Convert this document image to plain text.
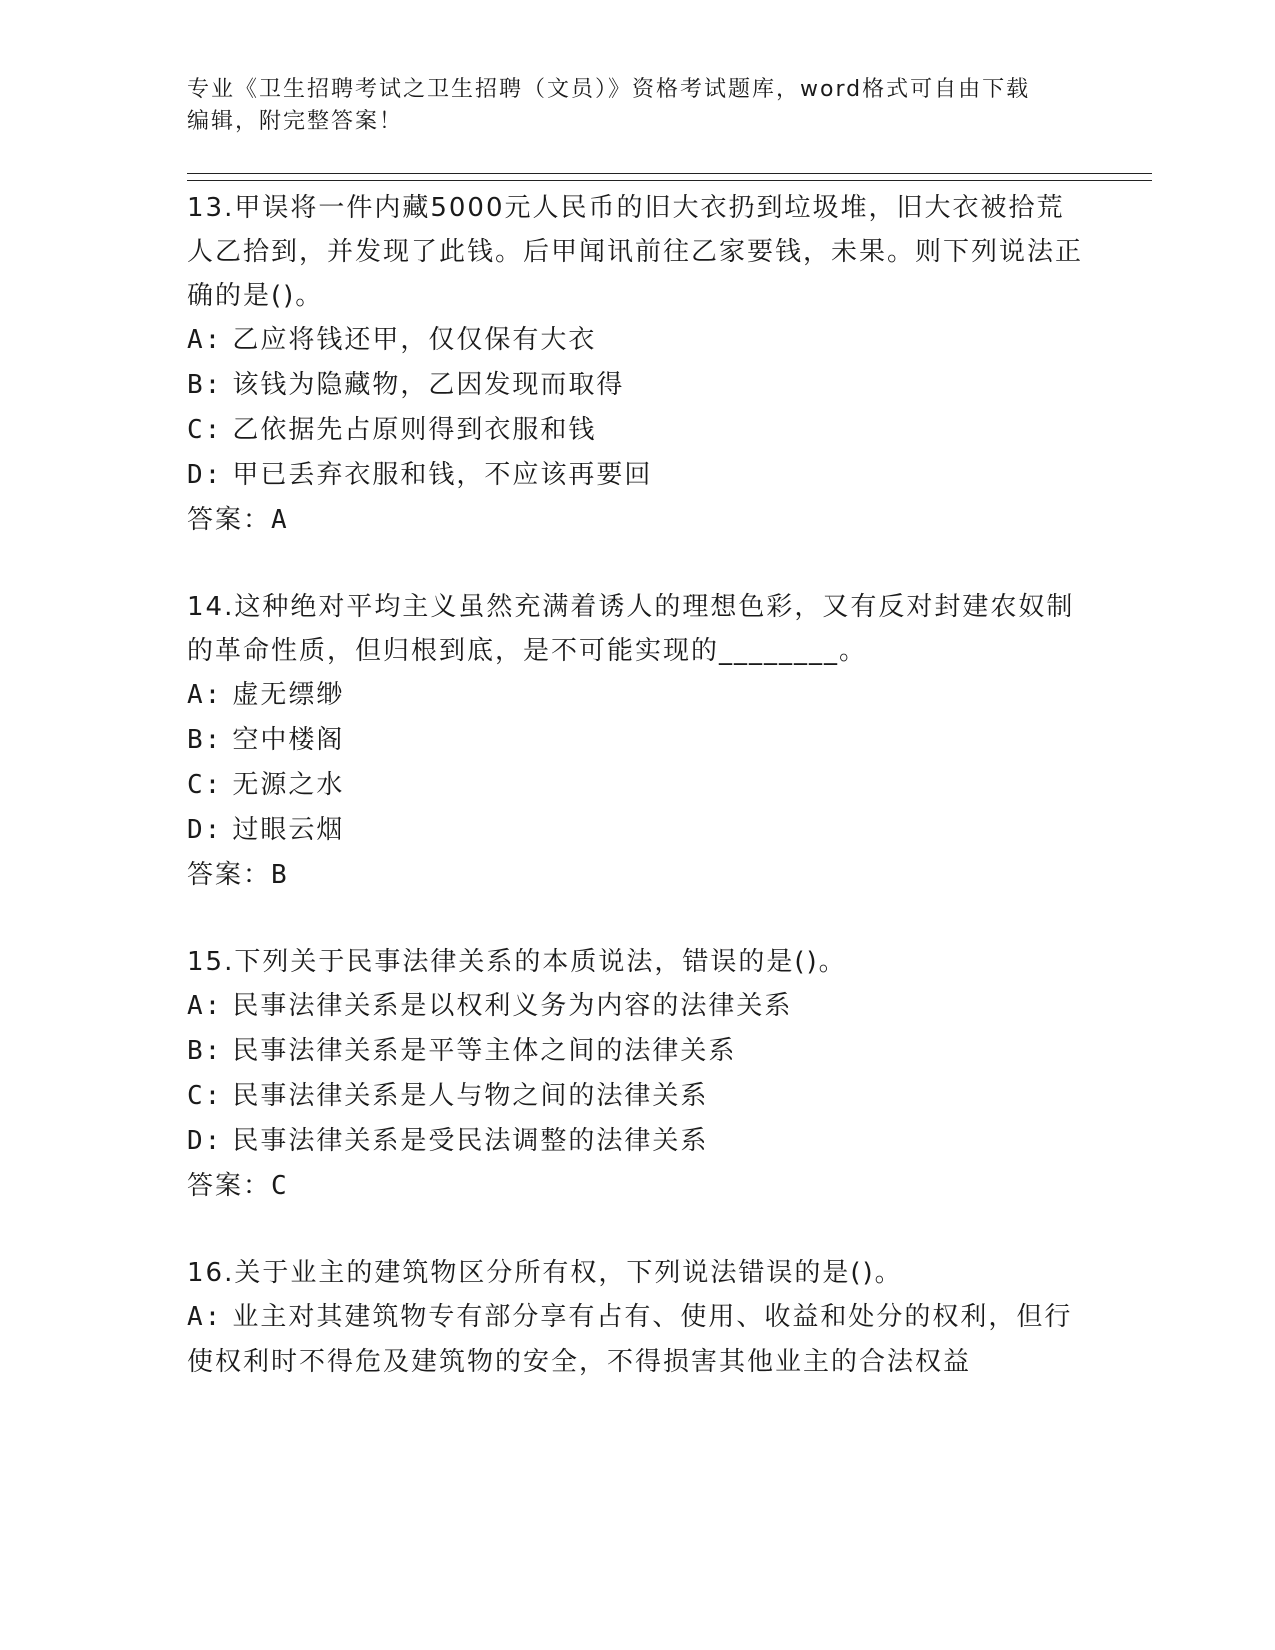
专业《卫生招聘考试之卫生招聘（文员）》资格考试题库，word格式可自由下载
编辑，附完整答案！

13.甲误将一件内藏5000元人民币的旧大衣扔到垃圾堆，旧大衣被拾荒人乙拾到，并发现了此钱。后甲闻讯前往乙家要钱，未果。则下列说法正确的是()。

A: 乙应将钱还甲，仅仅保有大衣

B: 该钱为隐藏物，乙因发现而取得

C: 乙依据先占原则得到衣服和钱

D: 甲已丢弃衣服和钱，不应该再要回

答案：A

14.这种绝对平均主义虽然充满着诱人的理想色彩，又有反对封建农奴制的革命性质，但归根到底，是不可能实现的________。

A: 虚无缥缈

B: 空中楼阁

C: 无源之水

D: 过眼云烟

答案：B

15.下列关于民事法律关系的本质说法，错误的是()。

A: 民事法律关系是以权利义务为内容的法律关系

B: 民事法律关系是平等主体之间的法律关系

C: 民事法律关系是人与物之间的法律关系

D: 民事法律关系是受民法调整的法律关系

答案：C

16.关于业主的建筑物区分所有权，下列说法错误的是()。

A: 业主对其建筑物专有部分享有占有、使用、收益和处分的权利，但行使权利时不得危及建筑物的安全，不得损害其他业主的合法权益
